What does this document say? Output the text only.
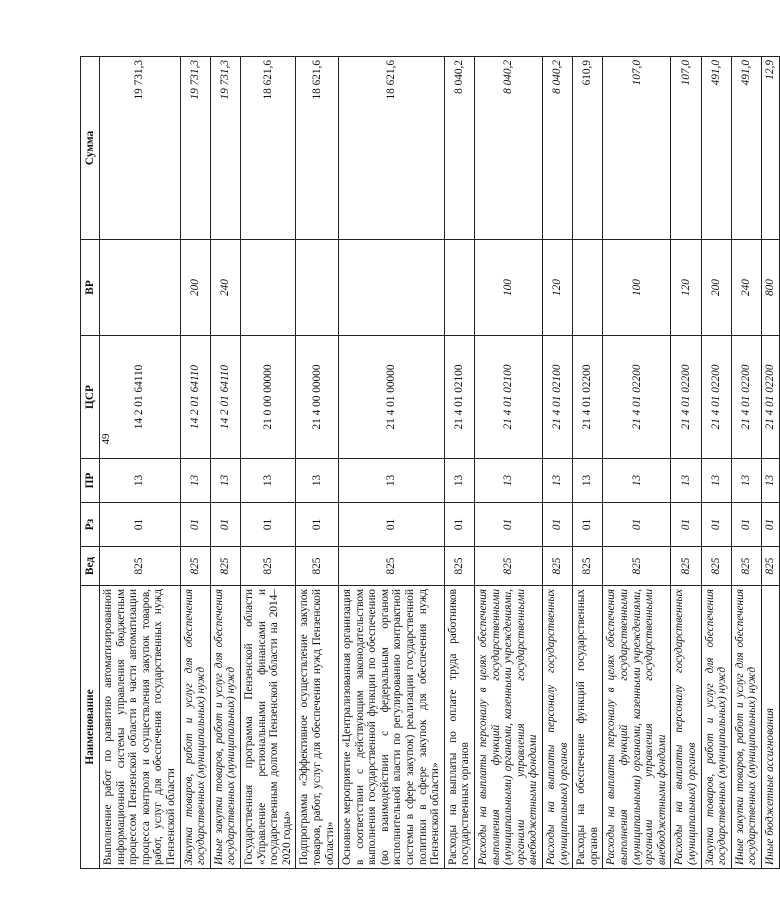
49
Наименование	Вед	Рз	ПР	ЦСР	ВР	Сумма
Выполнение работ по развитию автоматизированной информационной системы управления бюджетным процессом Пензенской области в части автоматизации процесса контроля и осуществления закупок товаров, работ, услуг для обеспечения государственных нужд Пензенской области	825	01	13	14 2 01 64110		19 731,3
Закупка товаров, работ и услуг для обеспечения государственных (муниципальных) нужд	825	01	13	14 2 01 64110	200	19 731,3
Иные закупки товаров, работ и услуг для обеспечения государственных (муниципальных) нужд	825	01	13	14 2 01 64110	240	19 731,3
Государственная программа Пензенской области «Управление региональными финансами и государственным долгом Пензенской области на 2014–2020 годы»	825	01	13	21 0 00 00000		18 621,6
Подпрограмма «Эффективное осуществление закупок товаров, работ, услуг для обеспечения нужд Пензенской области»	825	01	13	21 4 00 00000		18 621,6
Основное мероприятие «Централизованная организация в соответствии с действующим законодательством выполнения государственной функции по обеспечению (во взаимодействии с федеральным органом исполнительной власти по регулированию контрактной системы в сфере закупок) реализации государственной политики в сфере закупок для обеспечения нужд Пензенской области»	825	01	13	21 4 01 00000		18 621,6
Расходы на выплаты по оплате труда работников государственных органов	825	01	13	21 4 01 02100		8 040,2
Расходы на выплаты персоналу в целях обеспечения выполнения функций государственными (муниципальными) органами, казенными учреждениями, органами управления государственными внебюджетными фондами	825	01	13	21 4 01 02100	100	8 040,2
Расходы на выплаты персоналу государственных (муниципальных) органов	825	01	13	21 4 01 02100	120	8 040,2
Расходы на обеспечение функций государственных органов	825	01	13	21 4 01 02200		610,9
Расходы на выплаты персоналу в целях обеспечения выполнения функций государственными (муниципальными) органами, казенными учреждениями, органами управления государственными внебюджетными фондами	825	01	13	21 4 01 02200	100	107,0
Расходы на выплаты персоналу государственных (муниципальных) органов	825	01	13	21 4 01 02200	120	107,0
Закупка товаров, работ и услуг для обеспечения государственных (муниципальных) нужд	825	01	13	21 4 01 02200	200	491,0
Иные закупки товаров, работ и услуг для обеспечения государственных (муниципальных) нужд	825	01	13	21 4 01 02200	240	491,0
Иные бюджетные ассигнования	825	01	13	21 4 01 02200	800	12,9
